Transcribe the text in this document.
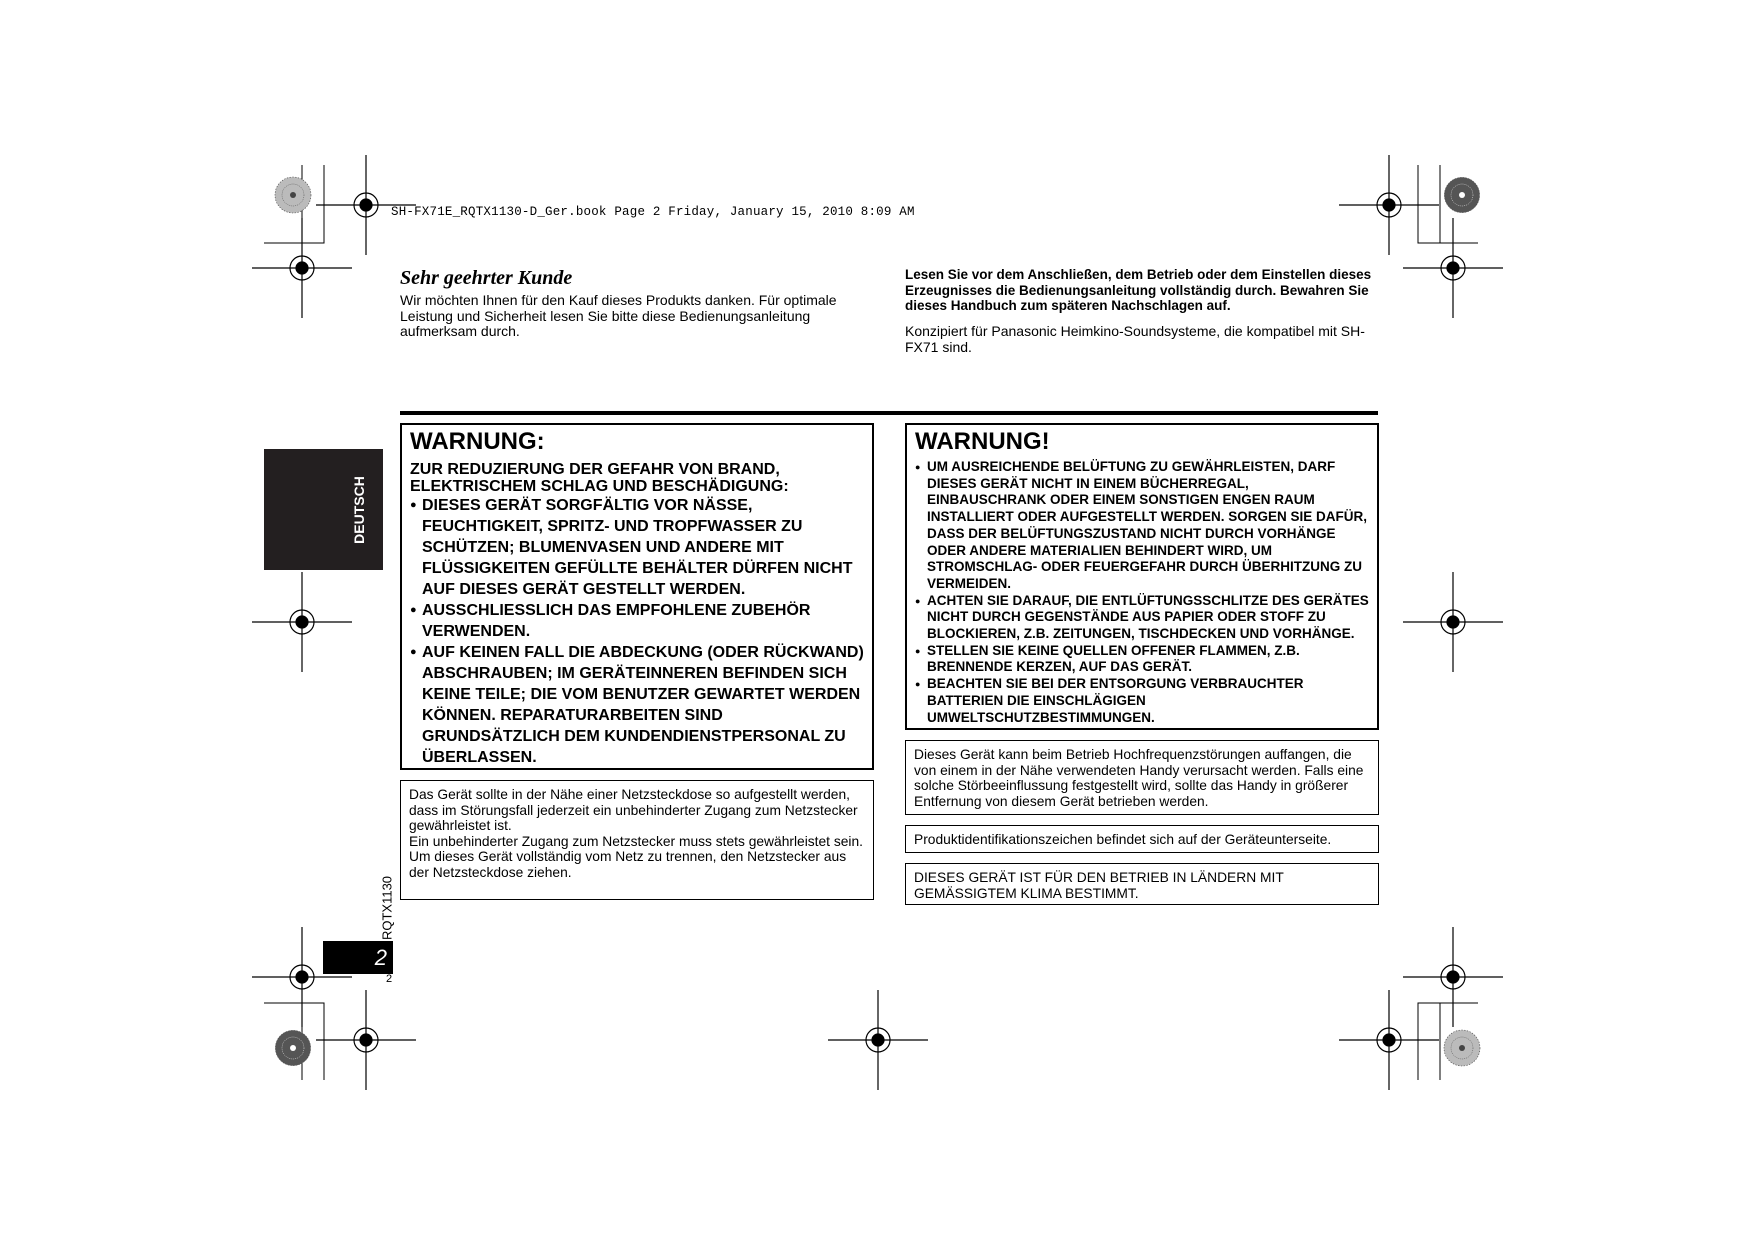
SH-FX71E_RQTX1130-D_Ger.book Page 2 Friday, January 15, 2010 8:09 AM
Sehr geehrter Kunde
Wir möchten Ihnen für den Kauf dieses Produkts danken. Für optimale Leistung und Sicherheit lesen Sie bitte diese Bedienungsanleitung aufmerksam durch.
Lesen Sie vor dem Anschließen, dem Betrieb oder dem Einstellen dieses Erzeugnisses die Bedienungsanleitung vollständig durch. Bewahren Sie dieses Handbuch zum späteren Nachschlagen auf.
Konzipiert für Panasonic Heimkino-Soundsysteme, die kompatibel mit SH-FX71 sind.
WARNUNG:
ZUR REDUZIERUNG DER GEFAHR VON BRAND, ELEKTRISCHEM SCHLAG UND BESCHÄDIGUNG:
● DIESES GERÄT SORGFÄLTIG VOR NÄSSE, FEUCHTIGKEIT, SPRITZ- UND TROPFWASSER ZU SCHÜTZEN; BLUMENVASEN UND ANDERE MIT FLÜSSIGKEITEN GEFÜLLTE BEHÄLTER DÜRFEN NICHT AUF DIESES GERÄT GESTELLT WERDEN.
● AUSSCHLIESSLICH DAS EMPFOHLENE ZUBEHÖR VERWENDEN.
● AUF KEINEN FALL DIE ABDECKUNG (ODER RÜCKWAND) ABSCHRAUBEN; IM GERÄTEINNEREN BEFINDEN SICH KEINE TEILE; DIE VOM BENUTZER GEWARTET WERDEN KÖNNEN. REPARATURARBEITEN SIND GRUNDSÄTZLICH DEM KUNDENDIENSTPERSONAL ZU ÜBERLASSEN.
WARNUNG!
● UM AUSREICHENDE BELÜFTUNG ZU GEWÄHRLEISTEN, DARF DIESES GERÄT NICHT IN EINEM BÜCHERREGAL, EINBAUSCHRANK ODER EINEM SONSTIGEN ENGEN RAUM INSTALLIERT ODER AUFGESTELLT WERDEN. SORGEN SIE DAFÜR, DASS DER BELÜFTUNGSZUSTAND NICHT DURCH VORHÄNGE ODER ANDERE MATERIALIEN BEHINDERT WIRD, UM STROMSCHLAG- ODER FEUERGEFAHR DURCH ÜBERHITZUNG ZU VERMEIDEN.
● ACHTEN SIE DARAUF, DIE ENTLÜFTUNGSSCHLITZE DES GERÄTES NICHT DURCH GEGENSTÄNDE AUS PAPIER ODER STOFF ZU BLOCKIEREN, Z.B. ZEITUNGEN, TISCHDECKEN UND VORHÄNGE.
● STELLEN SIE KEINE QUELLEN OFFENER FLAMMEN, Z.B. BRENNENDE KERZEN, AUF DAS GERÄT.
● BEACHTEN SIE BEI DER ENTSORGUNG VERBRAUCHTER BATTERIEN DIE EINSCHLÄGIGEN UMWELTSCHUTZBESTIMMUNGEN.
Das Gerät sollte in der Nähe einer Netzsteckdose so aufgestellt werden, dass im Störungsfall jederzeit ein unbehinderter Zugang zum Netzstecker gewährleistet ist.
Ein unbehinderter Zugang zum Netzstecker muss stets gewährleistet sein.
Um dieses Gerät vollständig vom Netz zu trennen, den Netzstecker aus der Netzsteckdose ziehen.
Dieses Gerät kann beim Betrieb Hochfrequenzstörungen auffangen, die von einem in der Nähe verwendeten Handy verursacht werden. Falls eine solche Störbeeinflussung festgestellt wird, sollte das Handy in größerer Entfernung von diesem Gerät betrieben werden.
Produktidentifikationszeichen befindet sich auf der Geräteunterseite.
DIESES GERÄT IST FÜR DEN BETRIEB IN LÄNDERN MIT GEMÄSSIGTEM KLIMA BESTIMMT.
DEUTSCH
RQTX1130
2
2
